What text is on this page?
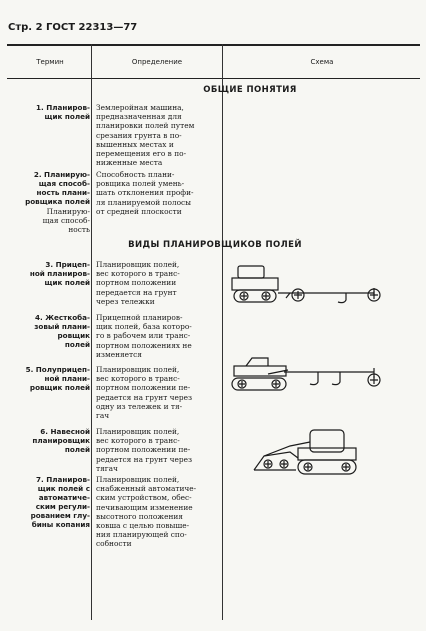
Стр. 2 ГОСТ 22313—77
Термин	Определение	Схема
ОБЩИЕ ПОНЯТИЯ
ВИДЫ ПЛАНИРОВЩИКОВ ПОЛЕЙ
1. Планиров-
щик полей
Землеройная машина,
предназначенная для
планировки полей путем
срезания грунта в по-
вышенных местах и
перемещения его в по-
ниженные места
2. Планирую-
щая способ-
ность плани-
ровщика полей
Планирую-
щая способ-
ность
Способность плани-
ровщика полей умень-
шать отклонения профи-
ля планируемой полосы
от средней плоскости
3. Прицеп-
ной планиров-
щик полей
Планировщик полей,
вес которого в транс-
портном положении
передается на грунт
через тележки
4. Жесткоба-
зовый плани-
ровщик
полей
Прицепной планиров-
щик полей, база которо-
го в рабочем или транс-
портном положениях не
изменяется
5. Полуприцеп-
ной плани-
ровщик полей
Планировщик полей,
вес которого в транс-
портном положении пе-
редается на грунт через
одну из тележек и тя-
гач
6. Навесной
планировщик
полей
Планировщик полей,
вес которого в транс-
портном положении пе-
редается на грунт через
тягач
7. Планиров-
щик полей с
автоматиче-
ским регули-
рованием глу-
бины копания
Планировщик полей,
снабженный автоматиче-
ским устройством, обес-
печивающим изменение
высотного положения
ковша с целью повыше-
ния планирующей спо-
собности
